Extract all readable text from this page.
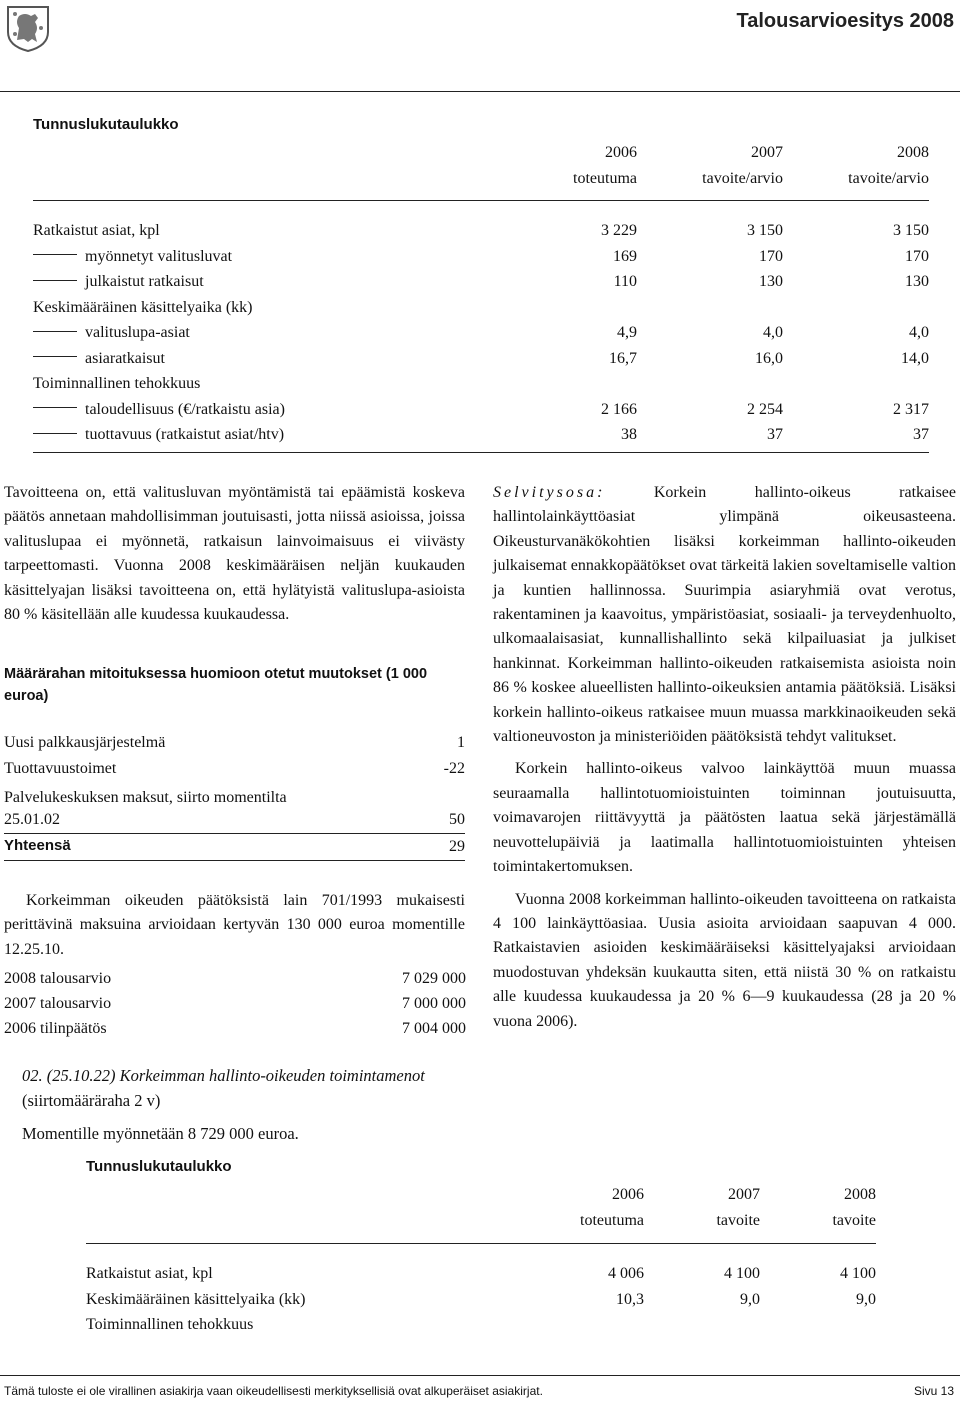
Talousarvioesitys 2008
Tunnuslukutaulukko
	2006	2007	2008
	toteutuma	tavoite/arvio	tavoite/arvio
Ratkaistut asiat, kpl	3 229	3 150	3 150
myönnetyt valitusluvat	169	170	170
julkaistut ratkaisut	110	130	130
Keskimääräinen käsittelyaika (kk)			
valituslupa-asiat	4,9	4,0	4,0
asiaratkaisut	16,7	16,0	14,0
Toiminnallinen tehokkuus			
taloudellisuus (€/ratkaistu asia)	2 166	2 254	2 317
tuottavuus (ratkaistut asiat/htv)	38	37	37

Tavoitteena on, että valitusluvan myöntämistä tai epäämistä koskeva päätös annetaan mahdollisimman joutuisasti, jotta niissä asioissa, joissa valituslupaa ei myönnetä, ratkaisun lainvoimaisuus ei viivästy tarpeettomasti. Vuonna 2008 keskimääräisen neljän kuukauden käsittelyajan lisäksi tavoitteena on, että hylätyistä valituslupa-asioista 80 % käsitellään alle kuudessa kuukaudessa.

Määrärahan mitoituksessa huomioon otetut muutokset (1 000 euroa)
Uusi palkkausjärjestelmä	1
Tuottavuustoimet	-22
Palvelukeskuksen maksut, siirto momentilta
25.01.02	50
Yhteensä	29

Korkeimman oikeuden päätöksistä lain 701/1993 mukaisesti perittävinä maksuina arvioidaan kertyvän 130 000 euroa momentille 12.25.10.

2008 talousarvio	7 029 000
2007 talousarvio	7 000 000
2006 tilinpäätös	7 004 000
02. (25.10.22) Korkeimman hallinto-oikeuden toimintamenot (siirtomääräraha 2 v)
Momentille myönnetään 8 729 000 euroa.

Selvitysosa: Korkein hallinto-oikeus ratkaisee hallintolainkäyttöasiat ylimpänä oikeusasteena. Oikeusturvanäkökohtien lisäksi korkeimman hallinto-oikeuden julkaisemat ennakkopäätökset ovat tärkeitä lakien soveltamiselle valtion ja kuntien hallinnossa. Suurimpia asiaryhmiä ovat verotus, rakentaminen ja kaavoitus, ympäristöasiat, sosiaali- ja terveydenhuolto, ulkomaalaisasiat, kunnallishallinto sekä kilpailuasiat ja julkiset hankinnat. Korkeimman hallinto-oikeuden ratkaisemista asioista noin 86 % koskee alueellisten hallinto-oikeuksien antamia päätöksiä. Lisäksi korkein hallinto-oikeus ratkaisee muun muassa markkinaoikeuden sekä valtioneuvoston ja ministeriöiden päätöksistä tehdyt valitukset.

Korkein hallinto-oikeus valvoo lainkäyttöä muun muassa seuraamalla hallintotuomioistuinten toiminnan joutuisuutta, voimavarojen riittävyyttä ja päätösten laatua sekä järjestämällä neuvottelupäiviä ja laatimalla hallintotuomioistuinten yhteisen toimintakertomuksen.

Vuonna 2008 korkeimman hallinto-oikeuden tavoitteena on ratkaista 4 100 lainkäyttöasiaa. Uusia asioita arvioidaan saapuvan 4 000. Ratkaistavien asioiden keskimääräiseksi käsittelyajaksi arvioidaan muodostuvan yhdeksän kuukautta siten, että niistä 30 % on ratkaistu alle kuudessa kuukaudessa ja 20 % 6—9 kuukaudessa (28 ja 20 % vuona 2006).

Tunnuslukutaulukko
	2006	2007	2008
	toteutuma	tavoite	tavoite
Ratkaistut asiat, kpl	4 006	4 100	4 100
Keskimääräinen käsittelyaika (kk)	10,3	9,0	9,0
Toiminnallinen tehokkuus			
Tämä tuloste ei ole virallinen asiakirja vaan oikeudellisesti merkityksellisiä ovat alkuperäiset asiakirjat.	Sivu 13
